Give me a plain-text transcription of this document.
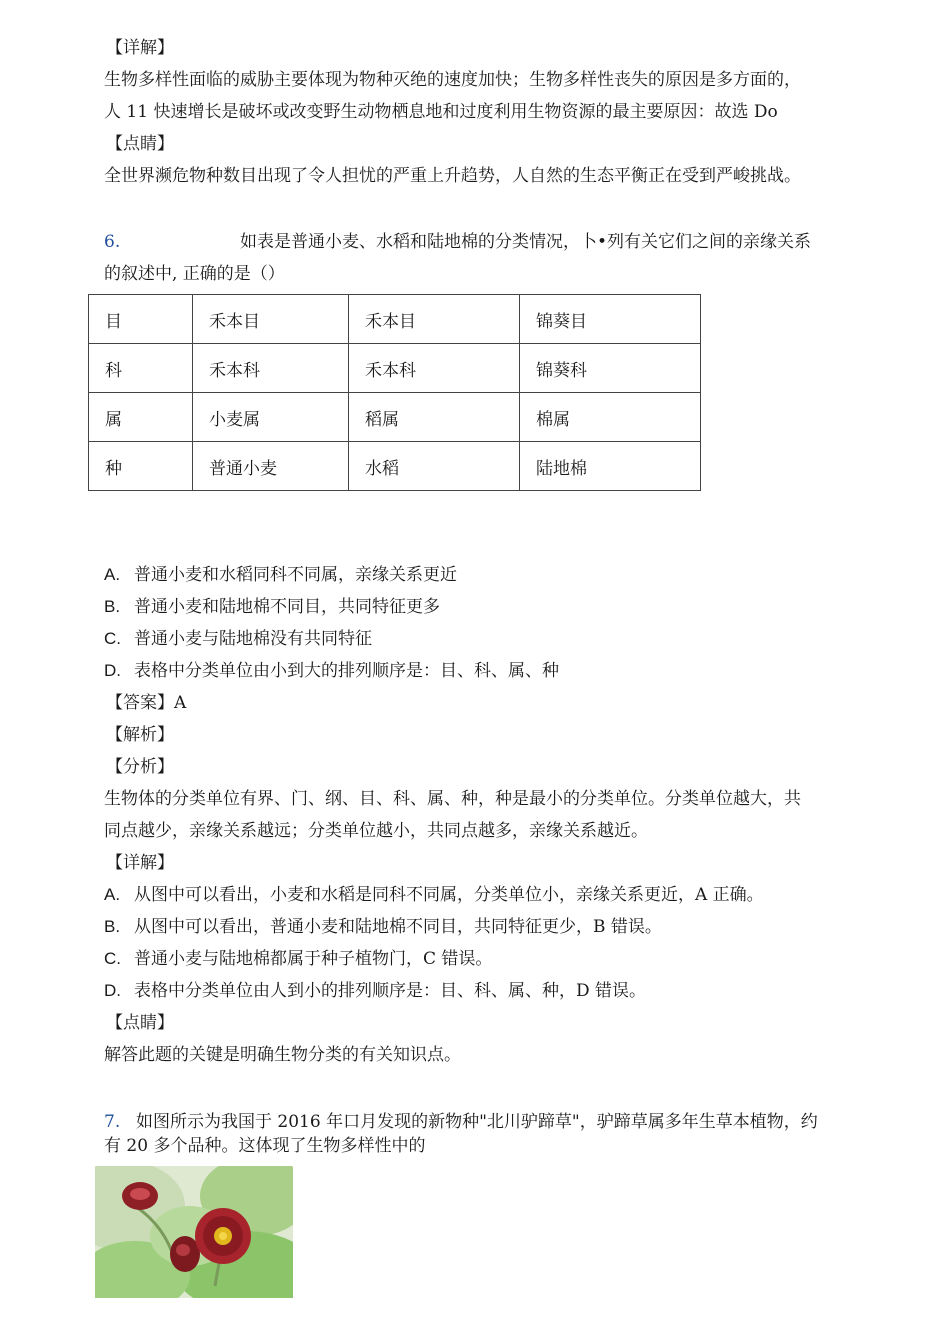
【详解】
生物多样性面临的威胁主要体现为物种灭绝的速度加快；生物多样性丧失的原因是多方面的，
人 11 快速增长是破坏或改变野生动物栖息地和过度利用生物资源的最主要原因：故选 Do
【点睛】
全世界濒危物种数目出现了令人担忧的严重上升趋势，人自然的生态平衡正在受到严峻挑战。
6.	如表是普通小麦、水稻和陆地棉的分类情况，卜•列有关它们之间的亲缘关系
的叙述中, 正确的是（）
目	禾本目	禾本目	锦葵目
科	禾本科	禾本科	锦葵科
属	小麦属	稻属	棉属
种	普通小麦	水稻	陆地棉
A. 普通小麦和水稻同科不同属，亲缘关系更近
B. 普通小麦和陆地棉不同目，共同特征更多
C. 普通小麦与陆地棉没有共同特征
D. 表格中分类单位由小到大的排列顺序是：目、科、属、种
【答案】A
【解析】
【分析】
生物体的分类单位有界、门、纲、目、科、属、种，种是最小的分类单位。分类单位越大，共
同点越少，亲缘关系越远；分类单位越小，共同点越多，亲缘关系越近。
【详解】
A. 从图中可以看出，小麦和水稻是同科不同属，分类单位小，亲缘关系更近，A 正确。
B. 从图中可以看出，普通小麦和陆地棉不同目，共同特征更少，B 错误。
C. 普通小麦与陆地棉都属于种子植物门，C 错误。
D. 表格中分类单位由人到小的排列顺序是：目、科、属、种，D 错误。
【点睛】
解答此题的关键是明确生物分类的有关知识点。
7. 如图所示为我国于 2016 年口月发现的新物种"北川驴蹄草"，驴蹄草属多年生草本植物，约
有 20 多个品种。这体现了生物多样性中的
